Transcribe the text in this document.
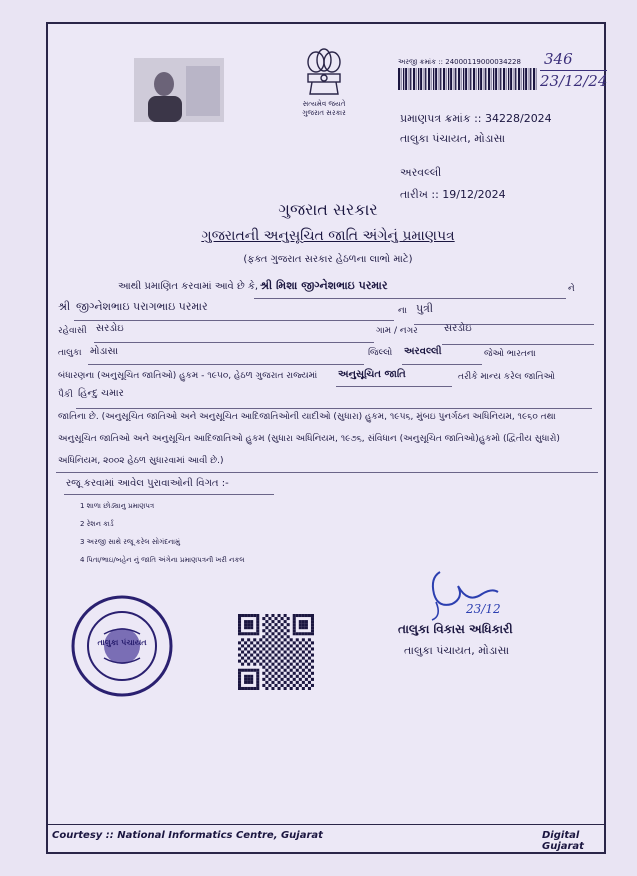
સત્યમેવ જયતે
ગુજરાત સરકાર
અરજી ક્રમાંક :: 24000119000034228 346
23/12/24
પ્રમાણપત્ર ક્રમાંક :: 34228/2024
તાલુકા પંચાયત, મોડાસા
અરવલ્લી
તારીખ :: 19/12/2024
ગુજરાત સરકાર
ગુજરાતની અનુસૂચિત જાતિ અંગેનું પ્રમાણપત્ર
(ફક્ત ગુજરાત સરકાર હેઠળના લાભો માટે)
આથી પ્રમાણિત કરવામાં આવે છે કે, શ્રી મિશા જીગ્નેશભાઇ પરમાર	ને
શ્રી જીગ્નેશભાઇ પરાગભાઇ પરમાર	ના પુત્રી
રહેવાસી સરડોઇ	ગામ / નગર	સરડોઇ
તાલુકા મોડાસા	જિલ્લો અરવલ્લી	જેઓ ભારતના
બંધારણના (અનુસૂચિત જાતિઓ) હુકમ - ૧૯૫૦, હેઠળ ગુજરાત રાજ્યમાં અનુસૂચિત જાતિ	તરીકે માન્ય કરેલ જાતિઓ
પૈકી હિન્દુ ચમાર
જાતિના છે. (અનુસૂચિત જાતિઓ અને અનુસૂચિત આદિજાતિઓની યાદીઓ (સુધારા) હુકમ, ૧૯૫૬, મુંબઇ પુનર્ગઠન અધિનિયમ, ૧૯૬૦ તથા
અનુસૂચિત જાતિઓ અને અનુસૂચિત આદિજાતિઓ હુકમ (સુધારા અધિનિયમ, ૧૯૭૬, સંવિધાન (અનુસૂચિત જાતિઓ)હુકમો (દ્વિતીય સુધારો)
અધિનિયમ, ૨૦૦૨ હેઠળ સુધારવામાં આવી છે.)
રજૂ કરવામાં આવેલ પુરાવાઓની વિગત :-
1 શાળા છોડ્યાનુ પ્રમાણપત્ર
2 રેશન કાર્ડ
3 અરજી સાથે રજૂ કરેલ સોગંદનામું
4 પિતા/ભાઇ/બહેન નું જાતિ અંગેના પ્રમાણપત્રની ખરી નકલ
તાલુકા પંચાયત
23/12
તાલુકા વિકાસ અધિકારી
તાલુકા પંચાયત, મોડાસા
Courtesy :: National Informatics Centre, Gujarat	Digital Gujarat
